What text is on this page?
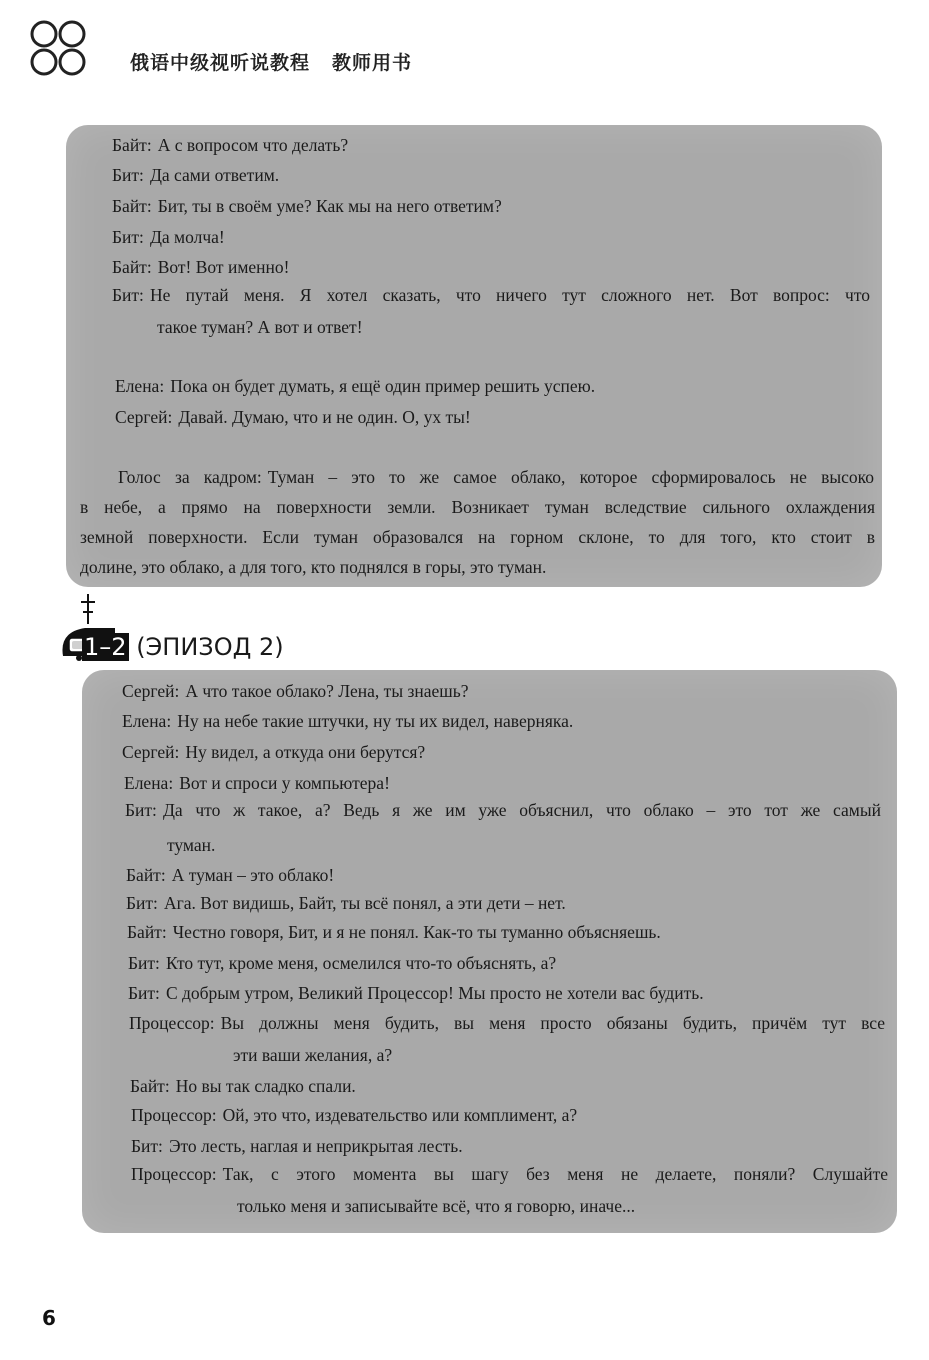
俄语中级视听说教程 教师用书
Байт: А с вопросом что делать?
Бит: Да сами ответим.
Байт: Бит, ты в своём уме? Как мы на него ответим?
Бит: Да молча!
Байт: Вот! Вот именно!
Бит: Не путай меня. Я хотел сказать, что ничего тут сложного нет. Вот вопрос: что
такое туман? А вот и ответ!
Елена: Пока он будет думать, я ещё один пример решить успею.
Сергей: Давай. Думаю, что и не один. О, ух ты!
Голос за кадром: Туман – это то же самое облако, которое сформировалось не высоко
в небе, а прямо на поверхности земли. Возникает туман вследствие сильного охлаждения
земной поверхности. Если туман образовался на горном склоне, то для того, кто стоит в
долине, это облако, а для того, кто поднялся в горы, это туман.
1–2 (ЭПИЗОД 2)
Сергей: А что такое облако? Лена, ты знаешь?
Елена: Ну на небе такие штучки, ну ты их видел, наверняка.
Сергей: Ну видел, а откуда они берутся?
Елена: Вот и спроси у компьютера!
Бит: Да что ж такое, а? Ведь я же им уже объяснил, что облако – это тот же самый
туман.
Байт: А туман – это облако!
Бит: Ага. Вот видишь, Байт, ты всё понял, а эти дети – нет.
Байт: Честно говоря, Бит, и я не понял. Как-то ты туманно объясняешь.
Бит: Кто тут, кроме меня, осмелился что-то объяснять, а?
Бит: С добрым утром, Великий Процессор! Мы просто не хотели вас будить.
Процессор: Вы должны меня будить, вы меня просто обязаны будить, причём тут все
эти ваши желания, а?
Байт: Но вы так сладко спали.
Процессор: Ой, это что, издевательство или комплимент, а?
Бит: Это лесть, наглая и неприкрытая лесть.
Процессор: Так, с этого момента вы шагу без меня не делаете, поняли? Слушайте
только меня и записывайте всё, что я говорю, иначе...
6
